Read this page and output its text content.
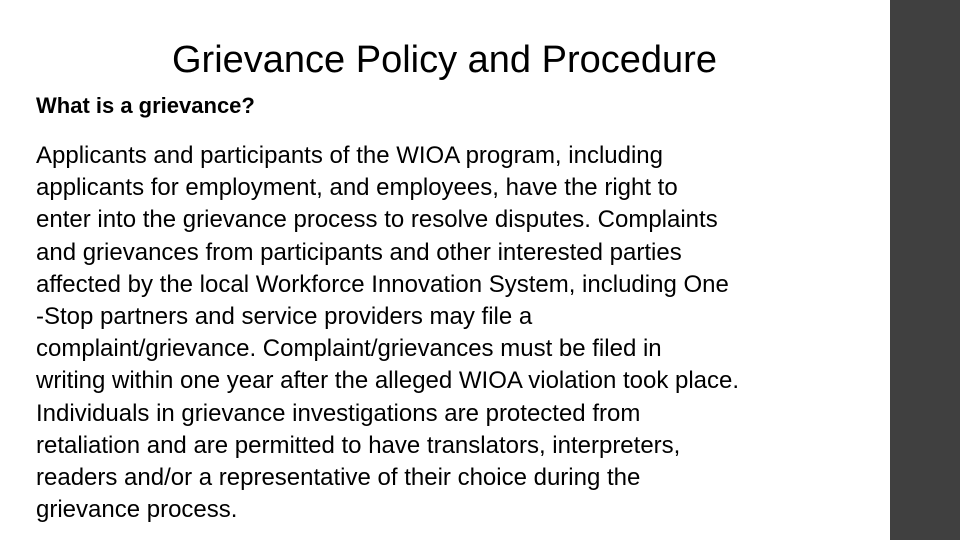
Grievance Policy and Procedure
What is a grievance?
Applicants and participants of the WIOA program, including
applicants for employment, and employees, have the right to
enter into the grievance process to resolve disputes. Complaints
and grievances from participants and other interested parties
affected by the local Workforce Innovation System, including One
-Stop partners and service providers may file a
complaint/grievance. Complaint/grievances must be filed in
writing within one year after the alleged WIOA violation took place.
Individuals in grievance investigations are protected from
retaliation and are permitted to have translators, interpreters,
readers and/or a representative of their choice during the
grievance process.
